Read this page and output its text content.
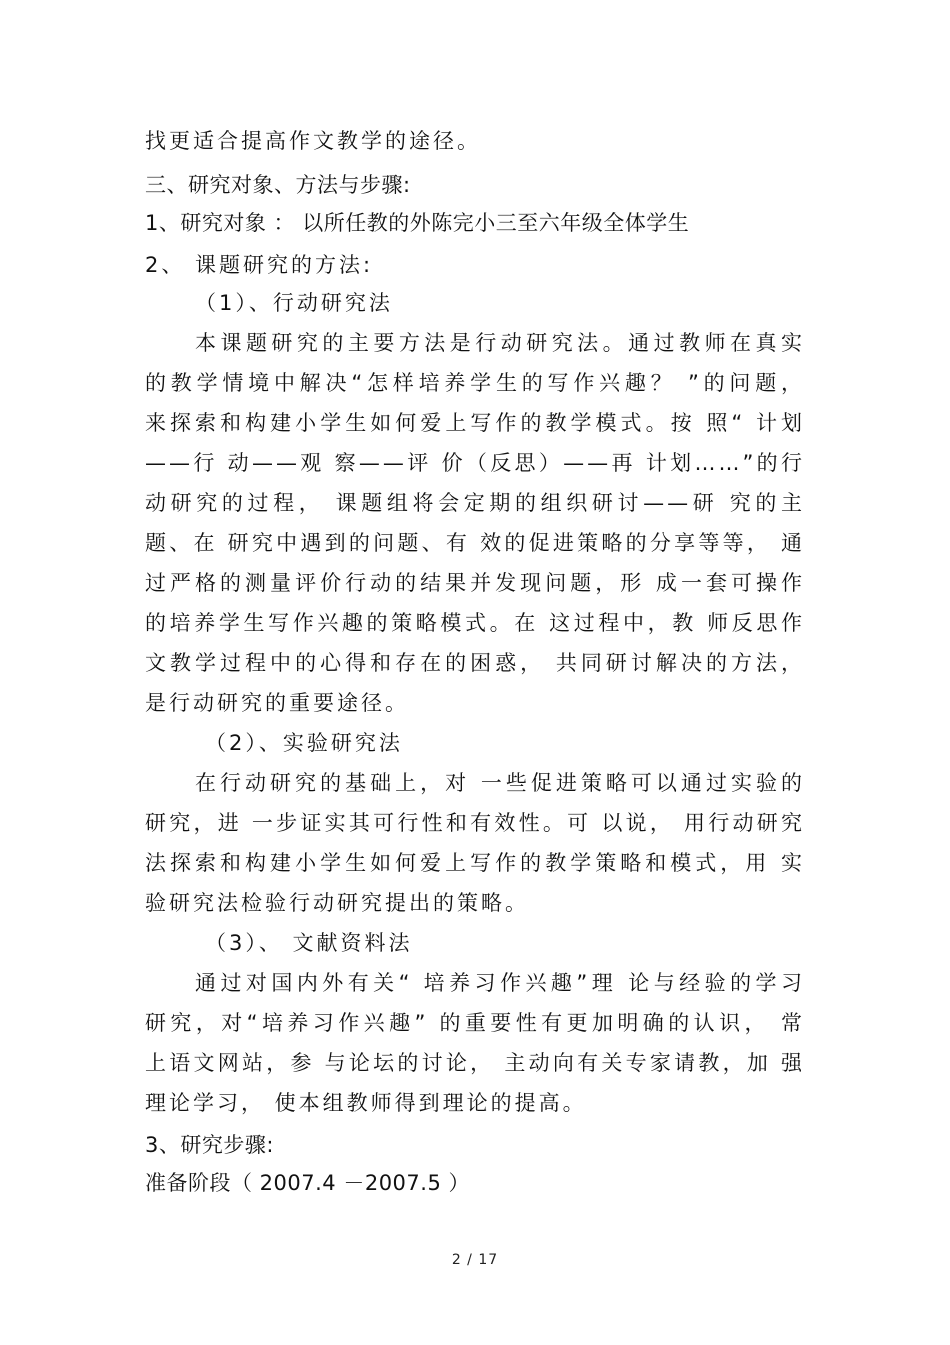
找更适合提高作文教学的途径。
三、研究对象、方法与步骤:
1、研究对象 ： 以所任教的外陈完小三至六年级全体学生
2、 课题研究的方法:
（1）、行动研究法
本课题研究的主要方法是行动研究法。通过教师在真实
的教学情境中解决“怎样培养学生的写作兴趣？ ”的问题，
来探索和构建小学生如何爱上写作的教学模式。按 照“ 计划
——行 动——观 察——评 价（反思）——再 计划……”的行
动研究的过程， 课题组将会定期的组织研讨——研 究的主
题、在 研究中遇到的问题、有 效的促进策略的分享等等， 通
过严格的测量评价行动的结果并发现问题，形 成一套可操作
的培养学生写作兴趣的策略模式。在 这过程中，教 师反思作
文教学过程中的心得和存在的困惑， 共同研讨解决的方法，
是行动研究的重要途径。
（2）、实验研究法
在行动研究的基础上，对 一些促进策略可以通过实验的
研究，进 一步证实其可行性和有效性。可 以说， 用行动研究
法探索和构建小学生如何爱上写作的教学策略和模式，用 实
验研究法检验行动研究提出的策略。
（3）、 文献资料法
通过对国内外有关“ 培养习作兴趣”理 论与经验的学习
研究，对“培养习作兴趣” 的重要性有更加明确的认识， 常
上语文网站，参 与论坛的讨论， 主动向有关专家请教，加 强
理论学习， 使本组教师得到理论的提高。
3、研究步骤:
准备阶段（ 2007.4 －2007.5 ）
2 / 17
